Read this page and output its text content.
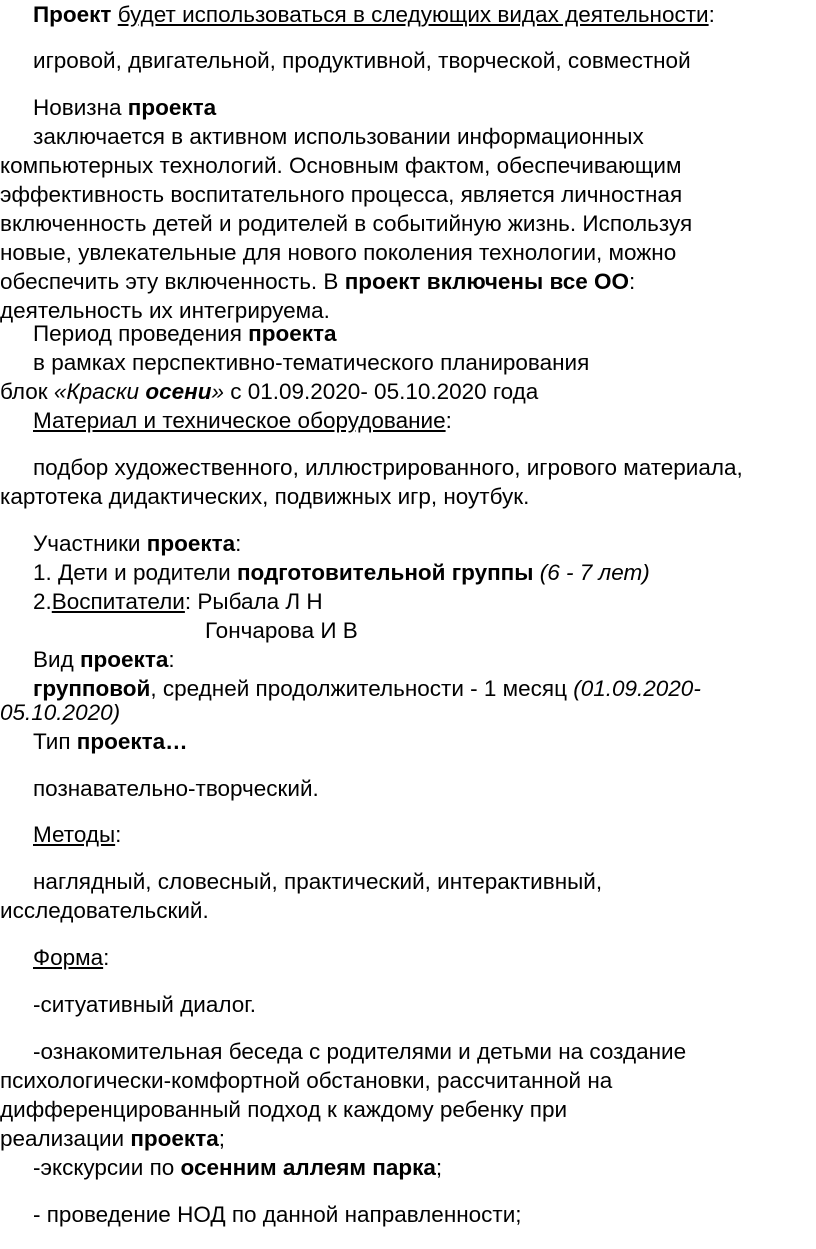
Проект будет использоваться в следующих видах деятельности:
игровой, двигательной, продуктивной, творческой, совместной
Новизна проекта
заключается в активном использовании информационных
компьютерных технологий. Основным фактом, обеспечивающим
эффективность воспитательного процесса, является личностная
включенность детей и родителей в событийную жизнь. Используя
новые, увлекательные для нового поколения технологии, можно
обеспечить эту включенность. В проект включены все ОО:
деятельность их интегрируема.
Период проведения проекта
в рамках перспективно-тематического планирования
блок «Краски осени» с 01.09.2020- 05.10.2020 года
Материал и техническое оборудование:
подбор художественного, иллюстрированного, игрового материала,
картотека дидактических, подвижных игр, ноутбук.
Участники проекта:
1. Дети и родители подготовительной группы (6 - 7 лет)
2.Воспитатели: Рыбала Л Н
Гончарова И В
Вид проекта:
групповой, средней продолжительности - 1 месяц (01.09.2020-
05.10.2020)
Тип проекта…
познавательно-творческий.
Методы:
наглядный, словесный, практический, интерактивный,
исследовательский.
Форма:
-ситуативный диалог.
-ознакомительная беседа с родителями и детьми на создание
психологически-комфортной обстановки, рассчитанной на
дифференцированный подход к каждому ребенку при
реализации проекта;
-экскурсии по осенним аллеям парка;
- проведение НОД по данной направленности;
